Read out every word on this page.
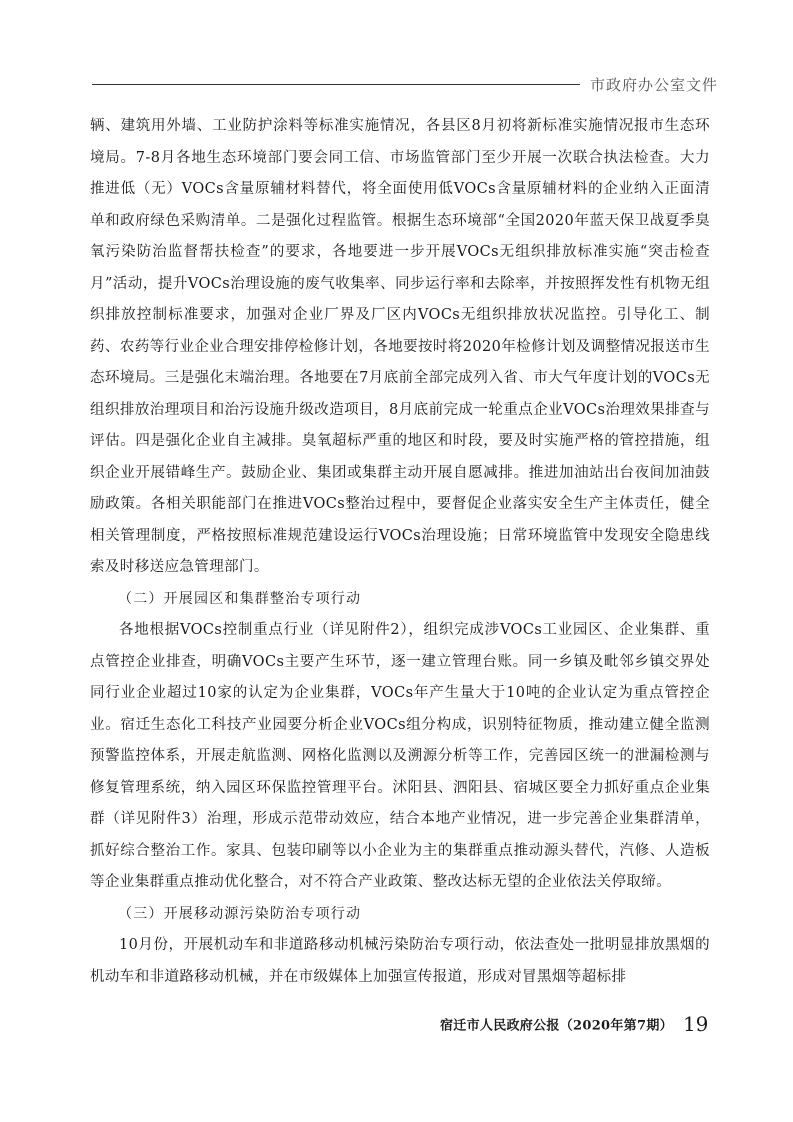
市政府办公室文件

辆、建筑用外墙、工业防护涂料等标准实施情况，各县区8月初将新标准实施情况报市生态环境局。7-8月各地生态环境部门要会同工信、市场监管部门至少开展一次联合执法检查。大力推进低（无）VOCs含量原辅材料替代，将全面使用低VOCs含量原辅材料的企业纳入正面清单和政府绿色采购清单。二是强化过程监管。根据生态环境部“全国2020年蓝天保卫战夏季臭氧污染防治监督帮扶检查”的要求，各地要进一步开展VOCs无组织排放标准实施“突击检查月”活动，提升VOCs治理设施的废气收集率、同步运行率和去除率，并按照挥发性有机物无组织排放控制标准要求，加强对企业厂界及厂区内VOCs无组织排放状况监控。引导化工、制药、农药等行业企业合理安排停检修计划，各地要按时将2020年检修计划及调整情况报送市生态环境局。三是强化末端治理。各地要在7月底前全部完成列入省、市大气年度计划的VOCs无组织排放治理项目和治污设施升级改造项目，8月底前完成一轮重点企业VOCs治理效果排查与评估。四是强化企业自主减排。臭氧超标严重的地区和时段，要及时实施严格的管控措施，组织企业开展错峰生产。鼓励企业、集团或集群主动开展自愿减排。推进加油站出台夜间加油鼓励政策。各相关职能部门在推进VOCs整治过程中，要督促企业落实安全生产主体责任，健全相关管理制度，严格按照标准规范建设运行VOCs治理设施；日常环境监管中发现安全隐患线索及时移送应急管理部门。

（二）开展园区和集群整治专项行动

各地根据VOCs控制重点行业（详见附件2），组织完成涉VOCs工业园区、企业集群、重点管控企业排查，明确VOCs主要产生环节，逐一建立管理台账。同一乡镇及毗邻乡镇交界处同行业企业超过10家的认定为企业集群，VOCs年产生量大于10吨的企业认定为重点管控企业。宿迁生态化工科技产业园要分析企业VOCs组分构成，识别特征物质，推动建立健全监测预警监控体系，开展走航监测、网格化监测以及溯源分析等工作，完善园区统一的泄漏检测与修复管理系统，纳入园区环保监控管理平台。沭阳县、泗阳县、宿城区要全力抓好重点企业集群（详见附件3）治理，形成示范带动效应，结合本地产业情况，进一步完善企业集群清单，抓好综合整治工作。家具、包装印刷等以小企业为主的集群重点推动源头替代，汽修、人造板等企业集群重点推动优化整合，对不符合产业政策、整改达标无望的企业依法关停取缔。

（三）开展移动源污染防治专项行动

10月份，开展机动车和非道路移动机械污染防治专项行动，依法查处一批明显排放黑烟的机动车和非道路移动机械，并在市级媒体上加强宣传报道，形成对冒黑烟等超标排

宿迁市人民政府公报（2020年第7期） 19
